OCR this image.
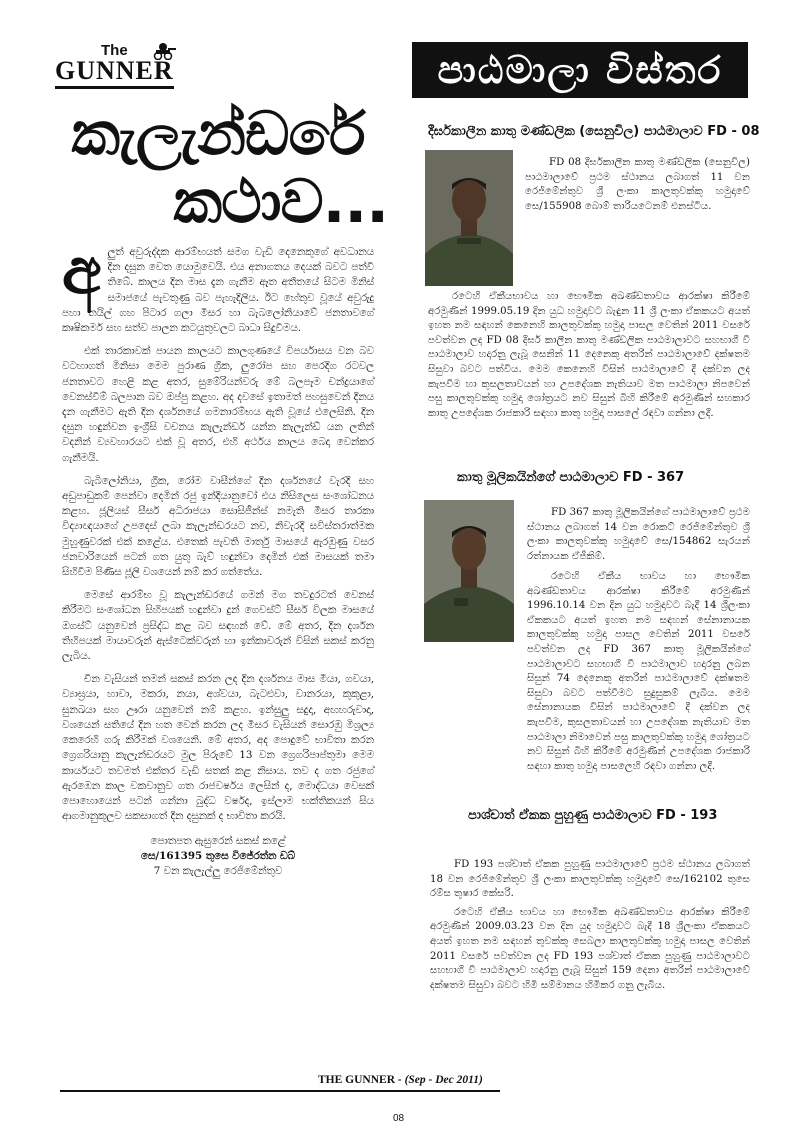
The
GUNNER
කැලැන්ඩරේ
කථාව...

අලුත් අවුරුද්දක ආරම්භයත් සමග වැඩි දෙනෙකුගේ අවධානය දින දසුන වෙත යොමුවෙයි. එය අනාගතය දෙයක් බවට පත්වී තිබේ. කාලය දින මාස දැන ගැනීම ඈත අතීතයේ සිටම මිනිස් සමාජයේ පැවතුණු බව පැහැදිලිය. ඊට හේතුව වූයේ අවුරුදු පහා තයිල් ගහ පිටාර ගලා මීසර හා බැබලෝනියාවේ ජනතාවගේ කෘෂිකර්ම සහ සත්ව පාලන කටයුතුවලට බාධා සිදුවීමය.

එක් තාරකාවක් පායන කාලයට කාලගුණයේ විපර්යාසය වන බව වටහාගත් මිනිසා මෙම පුරාණ ග්‍රීක, ලුරෝප සහ පෙරදිග රටවල ජනතාවට හෙළි කළ අතර, සුමේරියන්වරු මේ බලපෑම චන්ද්‍රයාගේ වෙනස්වීම් බලපාන බව ඔප්පු කළහ. අද දවසේ ඉතාමත් පහසුවෙන් දිනය දැන ගැනීමට ඇති දින දර්ශනයේ ගමනාරම්භය ඇති වූයේ එලෙසිනි. දින දසුන හඳුන්වන ඉංග්‍රීසි වචනය කැලැන්ඩර් යන්න කැලැන්ඩ් යන ලතින් වදනින් ව්‍යවහාරයට එක් වූ අතර, එහි අර්ථය කාලය බෙදා වෙන්කර ගැනීමයි.

බැබිලෝනියා, ග්‍රීක, රෝම වාසීන්ගේ දින දර්ශනයේ වැරදි සහ අඩුපාඩුකම් පෙන්වා දෙමින් රජු ඉන්දියානුවෝ එය නිසිලෙස සංශෝධනය කළහ. ජූලියස් සීසර් අධිරාජයා සොසිජීන්ස් නමැති මීසර තාරකා විද්‍යාඥයාගේ උපදෙස් ලබා කැලැන්ඩරයට නව, නිවැරදි සවිස්තරාත්මක මුහුණුවරක් එක් කළේය. එතෙක් පැවති මාර්තු මාසයේ ඇරඹුණු වසර ජනවාරියෙන් පටන් ගත යුතු බැව් හඳුන්වා දෙමින් එක් මාසයක් තමා සිහිවීම පිණිස ජූලි වශයෙන් නම් කර ගත්තේය.

මෙසේ ආරම්භ වූ කැලැන්ඩරයේ ගමන් මග තවදුරටත් වෙනස් කිරීමට සංශෝධන සිහිපයක් හඳුන්වා දුන් ගෙවස්ට් සීසර් විලක මාසයේ ඔගස්ට් යනුවෙන් ප්‍රසිද්ධ කළ බව සඳහන් වේ. මේ අතර, දින දර්ශන තිහිපයක් මායාවරුන් ඇස්ටෙක්වරුන් හා ඉන්කාවරුන් විසින් සකස් කරනු ලැබිය.

චීන වැසියන් තමන් සකස් කරන ලද දින දර්ශනය මාස මීයා, ගවයා, ව්‍යාඝ්‍රයා, හාවා, මකරා, නයා, අශ්වයා, බැටළුවා, වානරයා, කුකුළා, සුනඛයා සහ ඌරා යනුවෙන් නම් කළහ. ඉන්සුලු සදුදා, අඟහරුවාදා, වශයෙන් සතියේ දින හත වෙන් කරන ලද මීසර වැසියන් සොරඹු මිශ්‍රල්‍ය කෙරෙහි ගරු කිරීමක් වශයෙනි. මේ අතර, අද පොදුවේ භාවිතා කරන ග්‍රෙගරියානු කැලැන්ඩරයට මුල පිරුවේ 13 වන ග්‍රෙගරිපාප්තුමා මෙම කාර්යයට තවමත් එක්තර වැඩි සතක් කළ නිසාය. තව ද ගත රජුගේ ඇරඹෙන කාල වකවානුව ගත රාජවර්ෂය ලෙසින් ද, මොද්ධයා වෙසක් පොහොයෙන් පටන් ගන්නා බුද්ධ වර්ෂද, ඉස්ලාම භක්තිකයන් සිය ආගමානුකූලව සකසාගත් දින දසුනක් ද භාවිතා කරයි.

පොතපත ඇසුරෙන් සකස් කළේ
සෙ/161395 තුසෙ විජේරත්න ඩබ්
7 වන කැලැල්ලු රෙජිමේන්තුව
පාඨමාලා විස්තර
දීර්ඝකාලීන කාතු මණ්ඩලික (සෙනුවිල) පාඨමාලාව FD - 08

FD 08 දීර්ඝකාලීන කාතු මණ්ඩලික (සෙනුවිල) පාඨමාලාවේ ප්‍රථම ස්ථානය ලබාගත් 11 වන රෙජිමේන්තුව ශ්‍රී ලංකා කාලතුවක්කු හමුදාවේ සෙ/155908 බොම් තාරියටෙනම් එනස්ටිය.

රටෙහි ඒකීයභාවය හා භෞමික අඛණ්ඩතාවය ආරක්ෂා කිරීමේ අරමුණින් 1999.05.19 දින යුධ හමුදාවට බැඳුන 11 ශ්‍රී ලංකා ඒකකයට අයත් ඉහත නම සඳහන් කෙනෙහි කාලතුවක්කු හමුදා පාසල වෙතින් 2011 වසරේ පවත්වන ලද FD 08 දීර්ඝ කාලීන කාතු මණ්ඩලික පාඨමාලාවට සහභාගී වී පාඨමාලාව හදාරනු ලැබූ සෙනින් 11 දෙනෙකු අතරින් පාඨමාලාවේ දක්ෂතම සිසුවා බවට පත්විය. මෙම කෙනෙහි විසින් පාඨමාලාවේ දී දක්වන ලද කැපවීම හා කුසලතාවයන් හා උපදේශක නැතියාව මත පාඨමාලා නිපවෙන් පසු කාලතුවක්කු හමුදා ශෝත්‍රයට නව සිසුන් බිහි කිරීමේ අරමුණින් සහකාර කාතු උපදේශක රාජකාරි සඳහා කාතු හමුදා පාසලේ රඳවා ගන්නා ලදී.

කාතු මූලිකයින්ගේ පාඨමාලාව FD - 367

FD 367 කාතු මූලිකයින්ගේ පාඨමාලාවේ ප්‍රථම ස්ථානය ලබාගත් 14 වන රොකට් රෙජිමේන්තුව ශ්‍රී ලංකා කාලතුවක්කු හමුදාවේ සෙ/154862 සැරයන් රත්නායක ඒජීකිම්.

රටෙහි ඒකීය භාවය හා භෞමික අඛණ්ඩතාවය ආරක්ෂා කිරීමේ අරමුණින් 1996.10.14 වන දින යුධ හමුදාවට බැදී 14 ශ්‍රීලංකා ඒකකයට අයත් ඉහත නම සඳහන් සේනානායක කාලතුවක්කු හමුදා පාසල වෙතින් 2011 වසරේ පවත්වන ලද FD 367 කාතු මූලිකයින්ගේ පාඨමාලාවට සහභාගී වී පාඨමාලාව හදාරනු ලබන සිසුන් 74 දෙනෙකු අතරින් පාඨමාලාවේ දක්ෂතම සිසුවා බවට පත්වීමට සුදුසුකම් ලැබීය. මෙම සේනානායක විසින් පාඨමාලාවේ දී දක්වන ලද කැපවීම, කුසලතාවයන් හා උපදේශක නැතියාව මත පාඨමාලා නිමාවෙන් පසු කාලතුවක්කු හමුදා ශෝත්‍රයට නව සිසුන් බිහි කිරීමේ අරමුණින් උපදේශක රාජකාරි සඳහා කාතු හමුදා පාසලෙහි රඳවා ගන්නා ලදී.

පාශ්චාත් ඒකක පුහුණු පාඨමාලාව FD - 193

FD 193 පශ්චාත් ඒකක පුහුණු පාඨමාලාවේ ප්‍රථම ස්ථානය ලබාගත් 18 වන රෙජිමේන්තුව ශ්‍රී ලංකා කාලතුවක්කු හමුදාවේ සෙ/162102 තුසෙ රම්ස තුෂාර කේසරි.

රටෙහි ඒකීය භාවය හා භෞමික අඛණ්ඩතාවය ආරක්ෂා කිරීමේ අරමුණින් 2009.03.23 වන දින යුද හමුදාවට බැදී 18 ශ්‍රීලංකා ඒකකයට අයත් ඉහත නම සඳහන් තුවක්කු සෙබලා කාලතුවක්කු හමුදා පාසල වෙතින් 2011 වසරේ පවත්වන ලද FD 193 පශ්චාත් ඒකක පුහුණු පාඨමාලාවට සහභාගී වී පාඨමාලාව හදාරනු ලැබූ සිසුන් 159 දෙනා අතරින් පාඨමාලාවේ දක්ෂතම සිසුවා බවට හිමි සම්මානය හිමිකර ගනු ලැබීය.

THE GUNNER - (Sep - Dec 2011)
08
